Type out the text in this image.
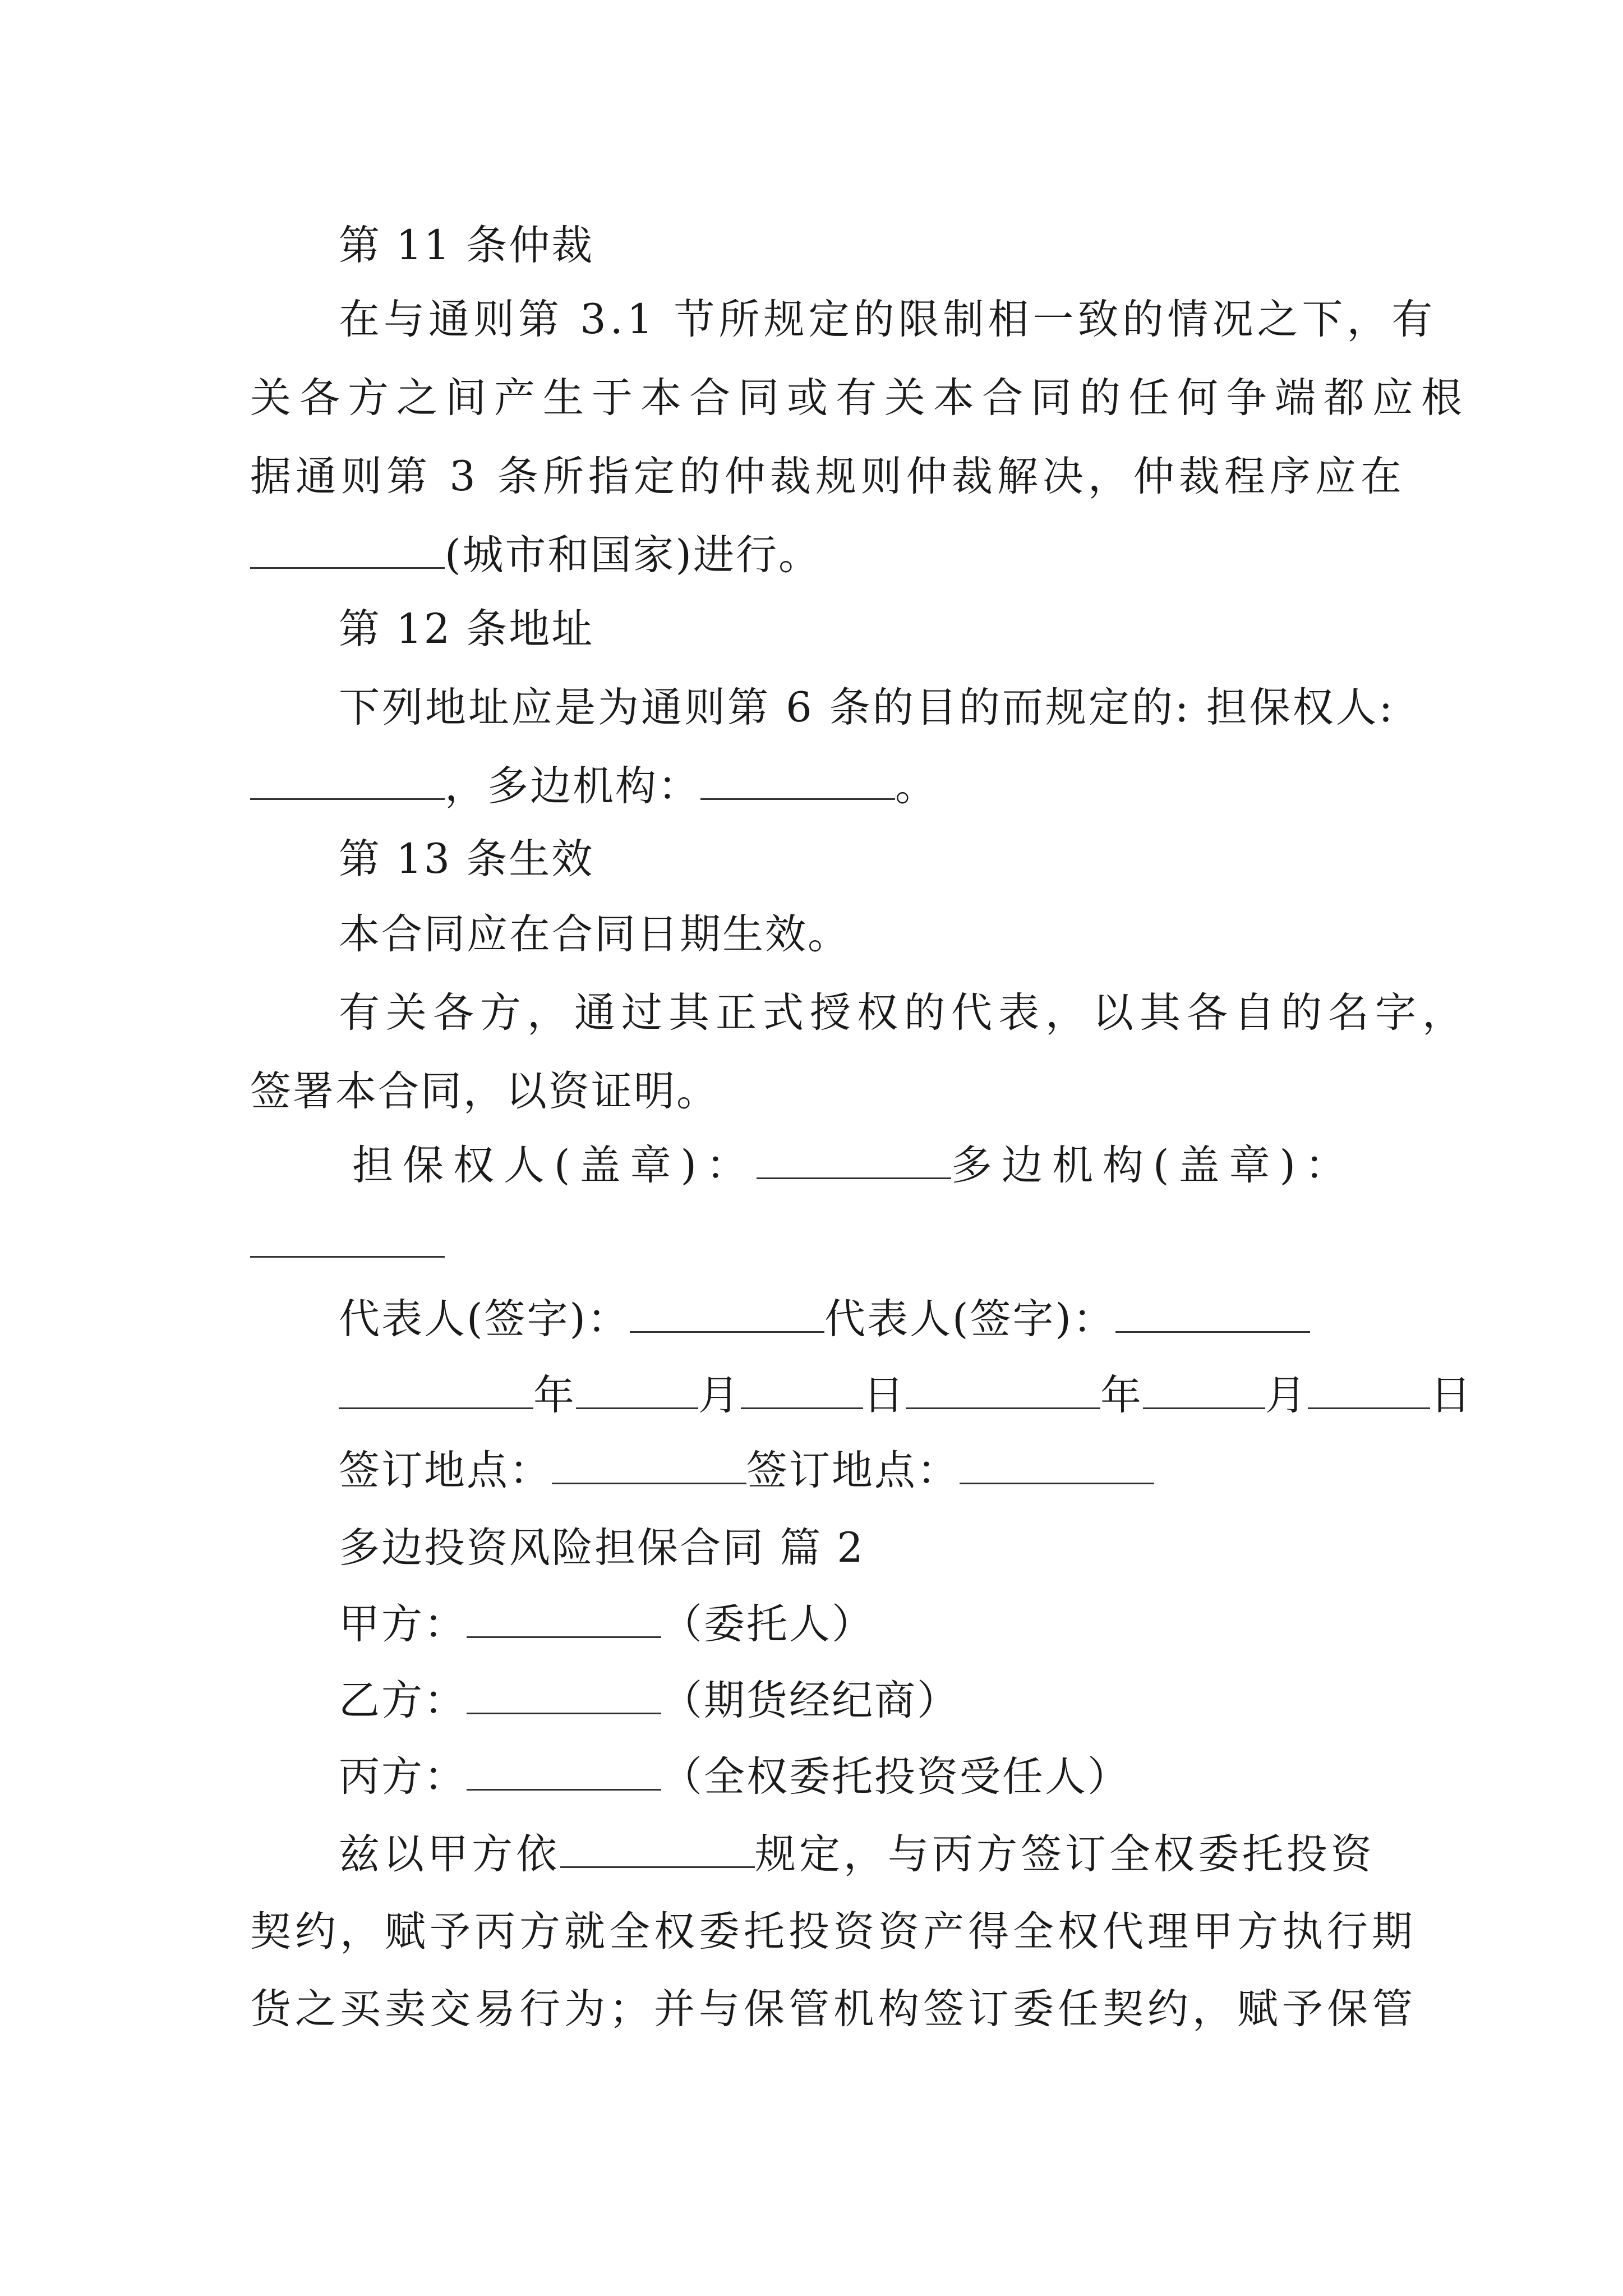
第 11 条仲裁
在与通则第 3.1 节所规定的限制相一致的情况之下，有
关各方之间产生于本合同或有关本合同的任何争端都应根
据通则第 3 条所指定的仲裁规则仲裁解决，仲裁程序应在
(城市和国家)进行。
第 12 条地址
下列地址应是为通则第 6 条的目的而规定的: 担保权人:
，多边机构：	。
第 13 条生效
本合同应在合同日期生效。
有关各方，通过其正式授权的代表，以其各自的名字，
签署本合同，以资证明。
担保权人(盖章)：	多边机构(盖章)：
代表人(签字)：	代表人(签字)：
年	月	日	年	月	日
签订地点：	签订地点：
多边投资风险担保合同 篇 2
甲方：	（委托人）
乙方：	（期货经纪商）
丙方：	（全权委托投资受任人）
兹以甲方依	规定，与丙方签订全权委托投资
契约，赋予丙方就全权委托投资资产得全权代理甲方执行期
货之买卖交易行为；并与保管机构签订委任契约，赋予保管
